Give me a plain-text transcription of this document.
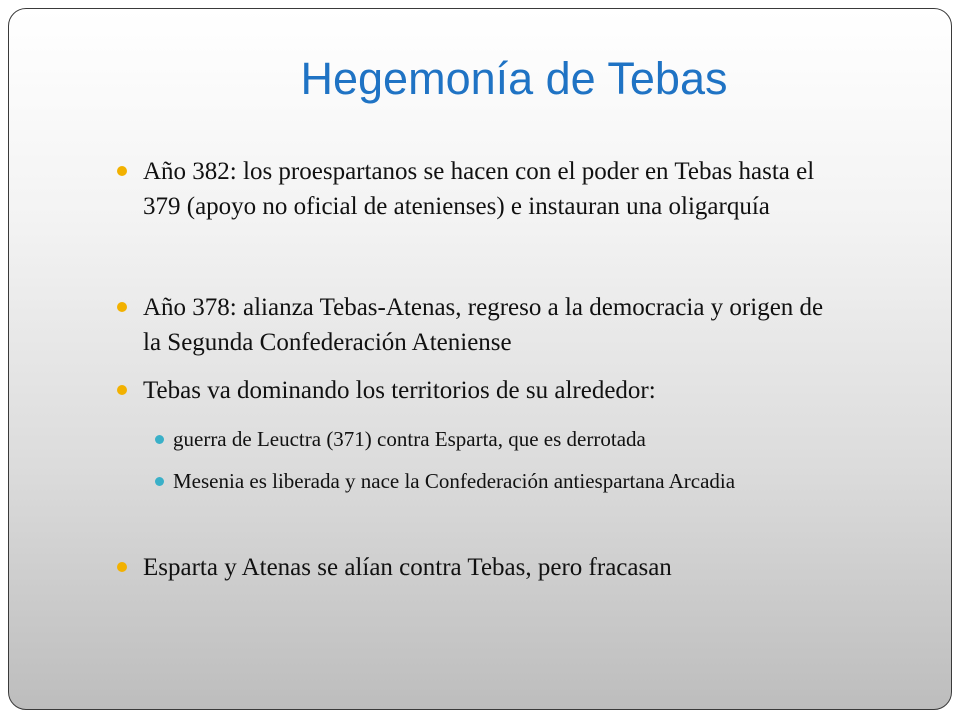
Hegemonía de Tebas
Año 382: los proespartanos se hacen con el poder en Tebas hasta el 379 (apoyo no oficial de atenienses) e instauran una oligarquía
Año 378: alianza Tebas-Atenas, regreso a la democracia y origen de la Segunda Confederación Ateniense
Tebas va dominando los territorios de su alrededor:
guerra de Leuctra (371) contra Esparta, que es derrotada
Mesenia es liberada y nace la Confederación antiespartana Arcadia
Esparta y Atenas se alían contra Tebas, pero fracasan
